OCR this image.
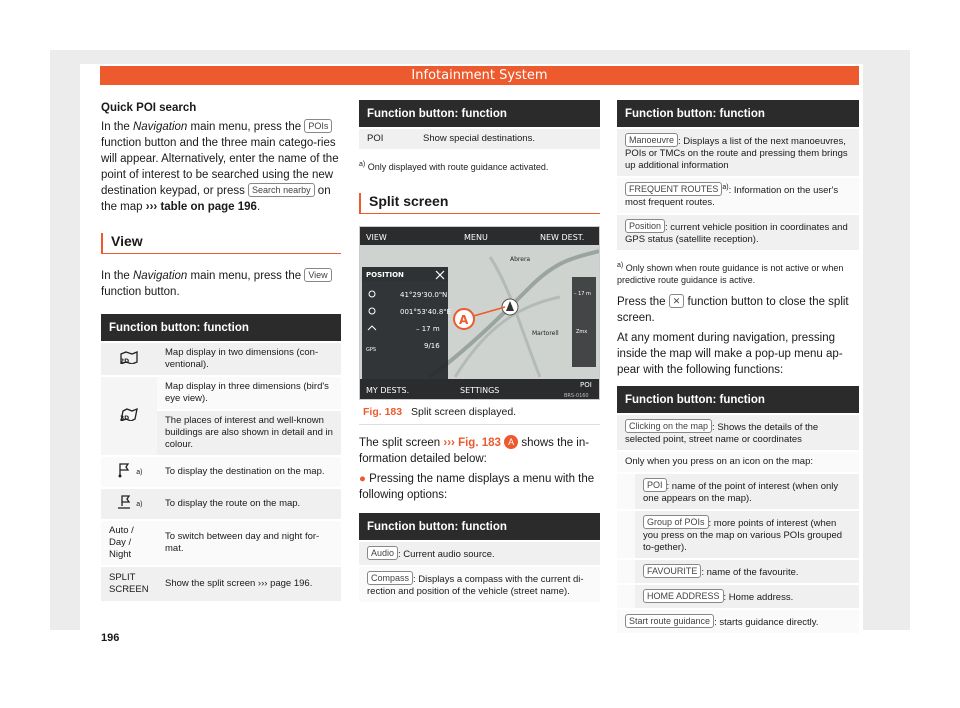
Infotainment System
Quick POI search
In the Navigation main menu, press the POIs function button and the three main catego-ries will appear. Alternatively, enter the name of the point of interest to be searched using the new destination keypad, or press Search nearby on the map ››› table on page 196.
View
In the Navigation main menu, press the View function button.
Function button: function	

2D	Map display in two dimensions (con-ventional).

3D	Map display in three dimensions (bird's eye view).
	The places of interest and well-known buildings are also shown in detail and in colour.
$^{a)}$	To display the destination on the map.
$^{a)}$	To display the route on the map.
Auto / Day / Night	To switch between day and night for-mat.
SPLIT SCREEN	Show the split screen ››› page 196.
Function button: function
POI	Show special destinations.
$^{a)}$ Only displayed with route guidance activated.
Split screen
POSITION
41°29'30.0"N
001°53'40.8"E
– 17 m
9/16
GPS
A
Abrera
Martorell
– 17 m
Zmx
VIEW	MENU	NEW DEST.
MY DESTS.	SETTINGS
POI
BRS-0160
Fig. 183 Split screen displayed.
The split screen ››› Fig. 183 A shows the in-formation detailed below:
● Pressing the name displays a menu with the following options:
Function button: function
Audio : Current audio source.
Compass : Displays a compass with the current di-rection and position of the vehicle (street name).
Function button: function
Manoeuvre : Displays a list of the next manoeuvres, POIs or TMCs on the route and pressing them brings up additional information
FREQUENT ROUTES $^{a)}$: Information on the user's most frequent routes.
Position : current vehicle position in coordinates and GPS status (satellite reception).
$^{a)}$ Only shown when route guidance is not active or when predictive route guidance is active.
Press the ✕ function button to close the split screen.
At any moment during navigation, pressing inside the map will make a pop-up menu ap-pear with the following functions:
Function button: function	
Clicking on the map : Shows the details of the selected point, street name or coordinates	
Only when you press on an icon on the map:	
	POI : name of the point of interest (when only one appears on the map).
	Group of POIs : more points of interest (when you press on the map on various POIs grouped to-gether).
	FAVOURITE : name of the favourite.
	HOME ADDRESS : Home address.
Start route guidance : starts guidance directly.	
196
